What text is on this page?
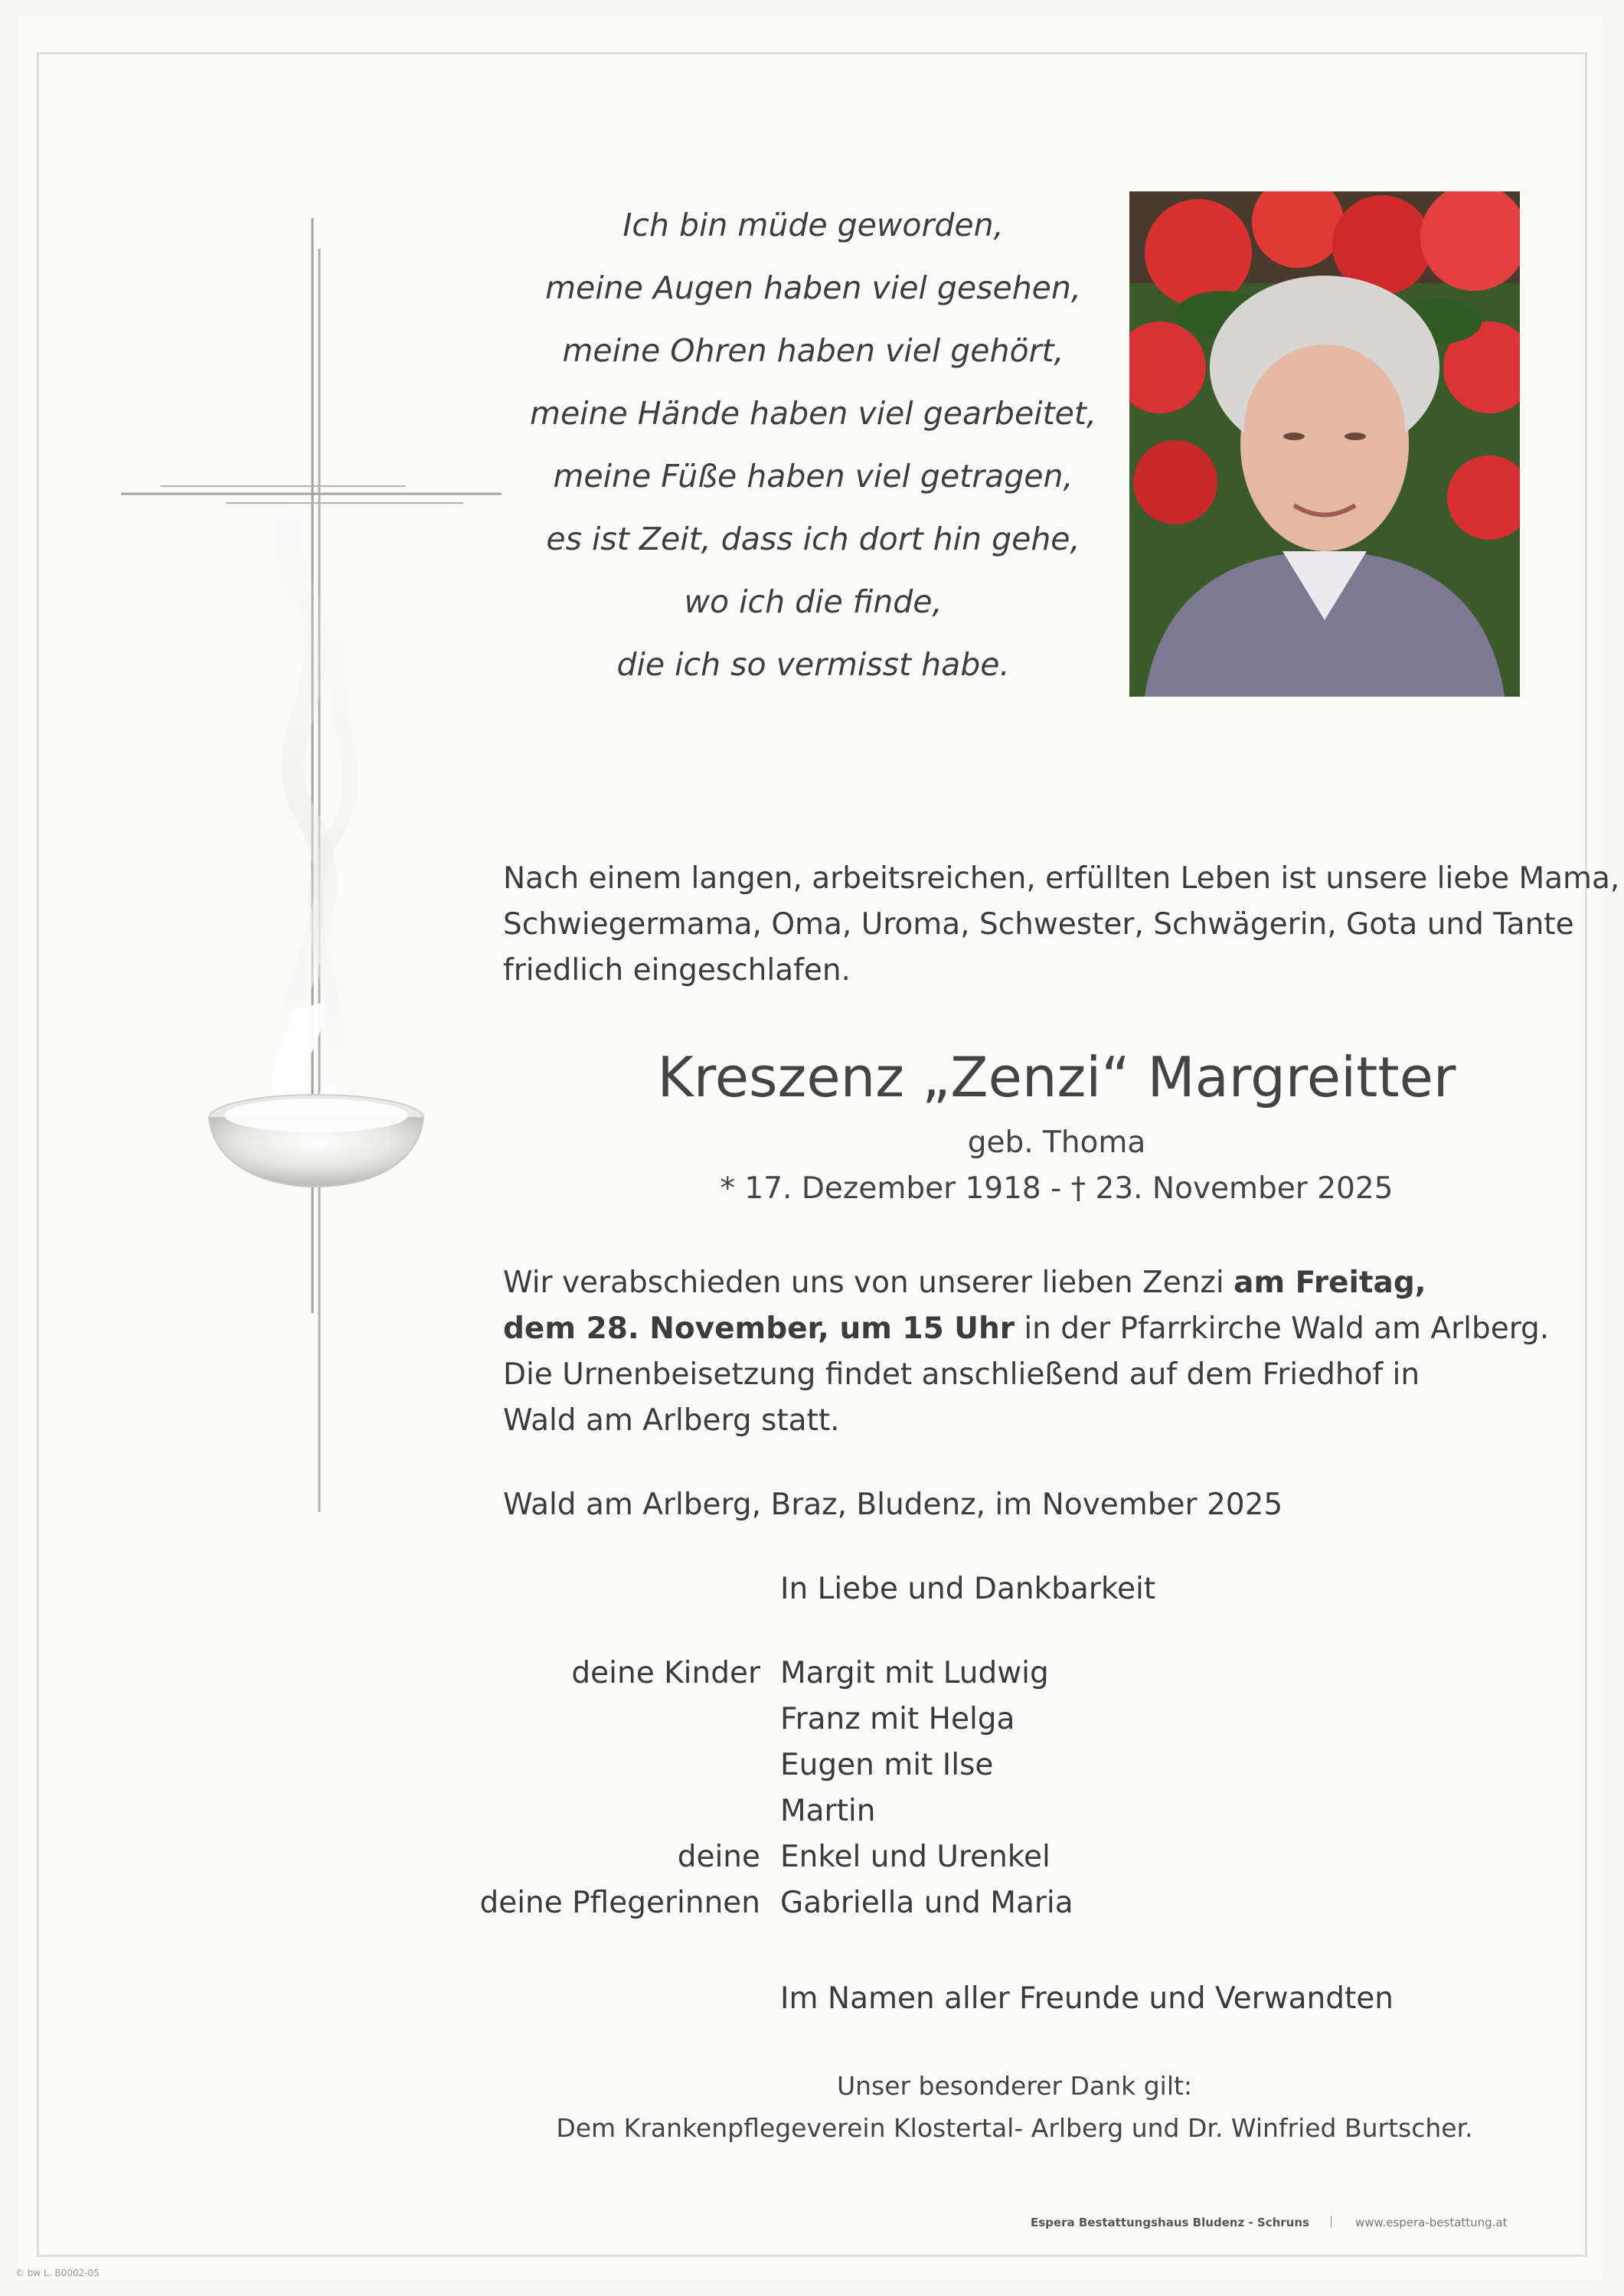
Ich bin müde geworden,
meine Augen haben viel gesehen,
meine Ohren haben viel gehört,
meine Hände haben viel gearbeitet,
meine Füße haben viel getragen,
es ist Zeit, dass ich dort hin gehe,
wo ich die finde,
die ich so vermisst habe.
Nach einem langen, arbeitsreichen, erfüllten Leben ist unsere liebe Mama,
Schwiegermama, Oma, Uroma, Schwester, Schwägerin, Gota und Tante
friedlich eingeschlafen.
Kreszenz „Zenzi“ Margreitter
geb. Thoma
* 17. Dezember 1918 - † 23. November 2025
Wir verabschieden uns von unserer lieben Zenzi am Freitag,
dem 28. November, um 15 Uhr in der Pfarrkirche Wald am Arlberg.
Die Urnenbeisetzung findet anschließend auf dem Friedhof in
Wald am Arlberg statt.
Wald am Arlberg, Braz, Bludenz, im November 2025
In Liebe und Dankbarkeit
deine Kinder Margit mit Ludwig
Franz mit Helga
Eugen mit Ilse
Martin
deine Enkel und Urenkel
deine Pflegerinnen Gabriella und Maria
Im Namen aller Freunde und Verwandten
Unser besonderer Dank gilt:
Dem Krankenpflegeverein Klostertal- Arlberg und Dr. Winfried Burtscher.
Espera Bestattungshaus Bludenz - Schruns | www.espera-bestattung.at
© bw L. B0002-05
